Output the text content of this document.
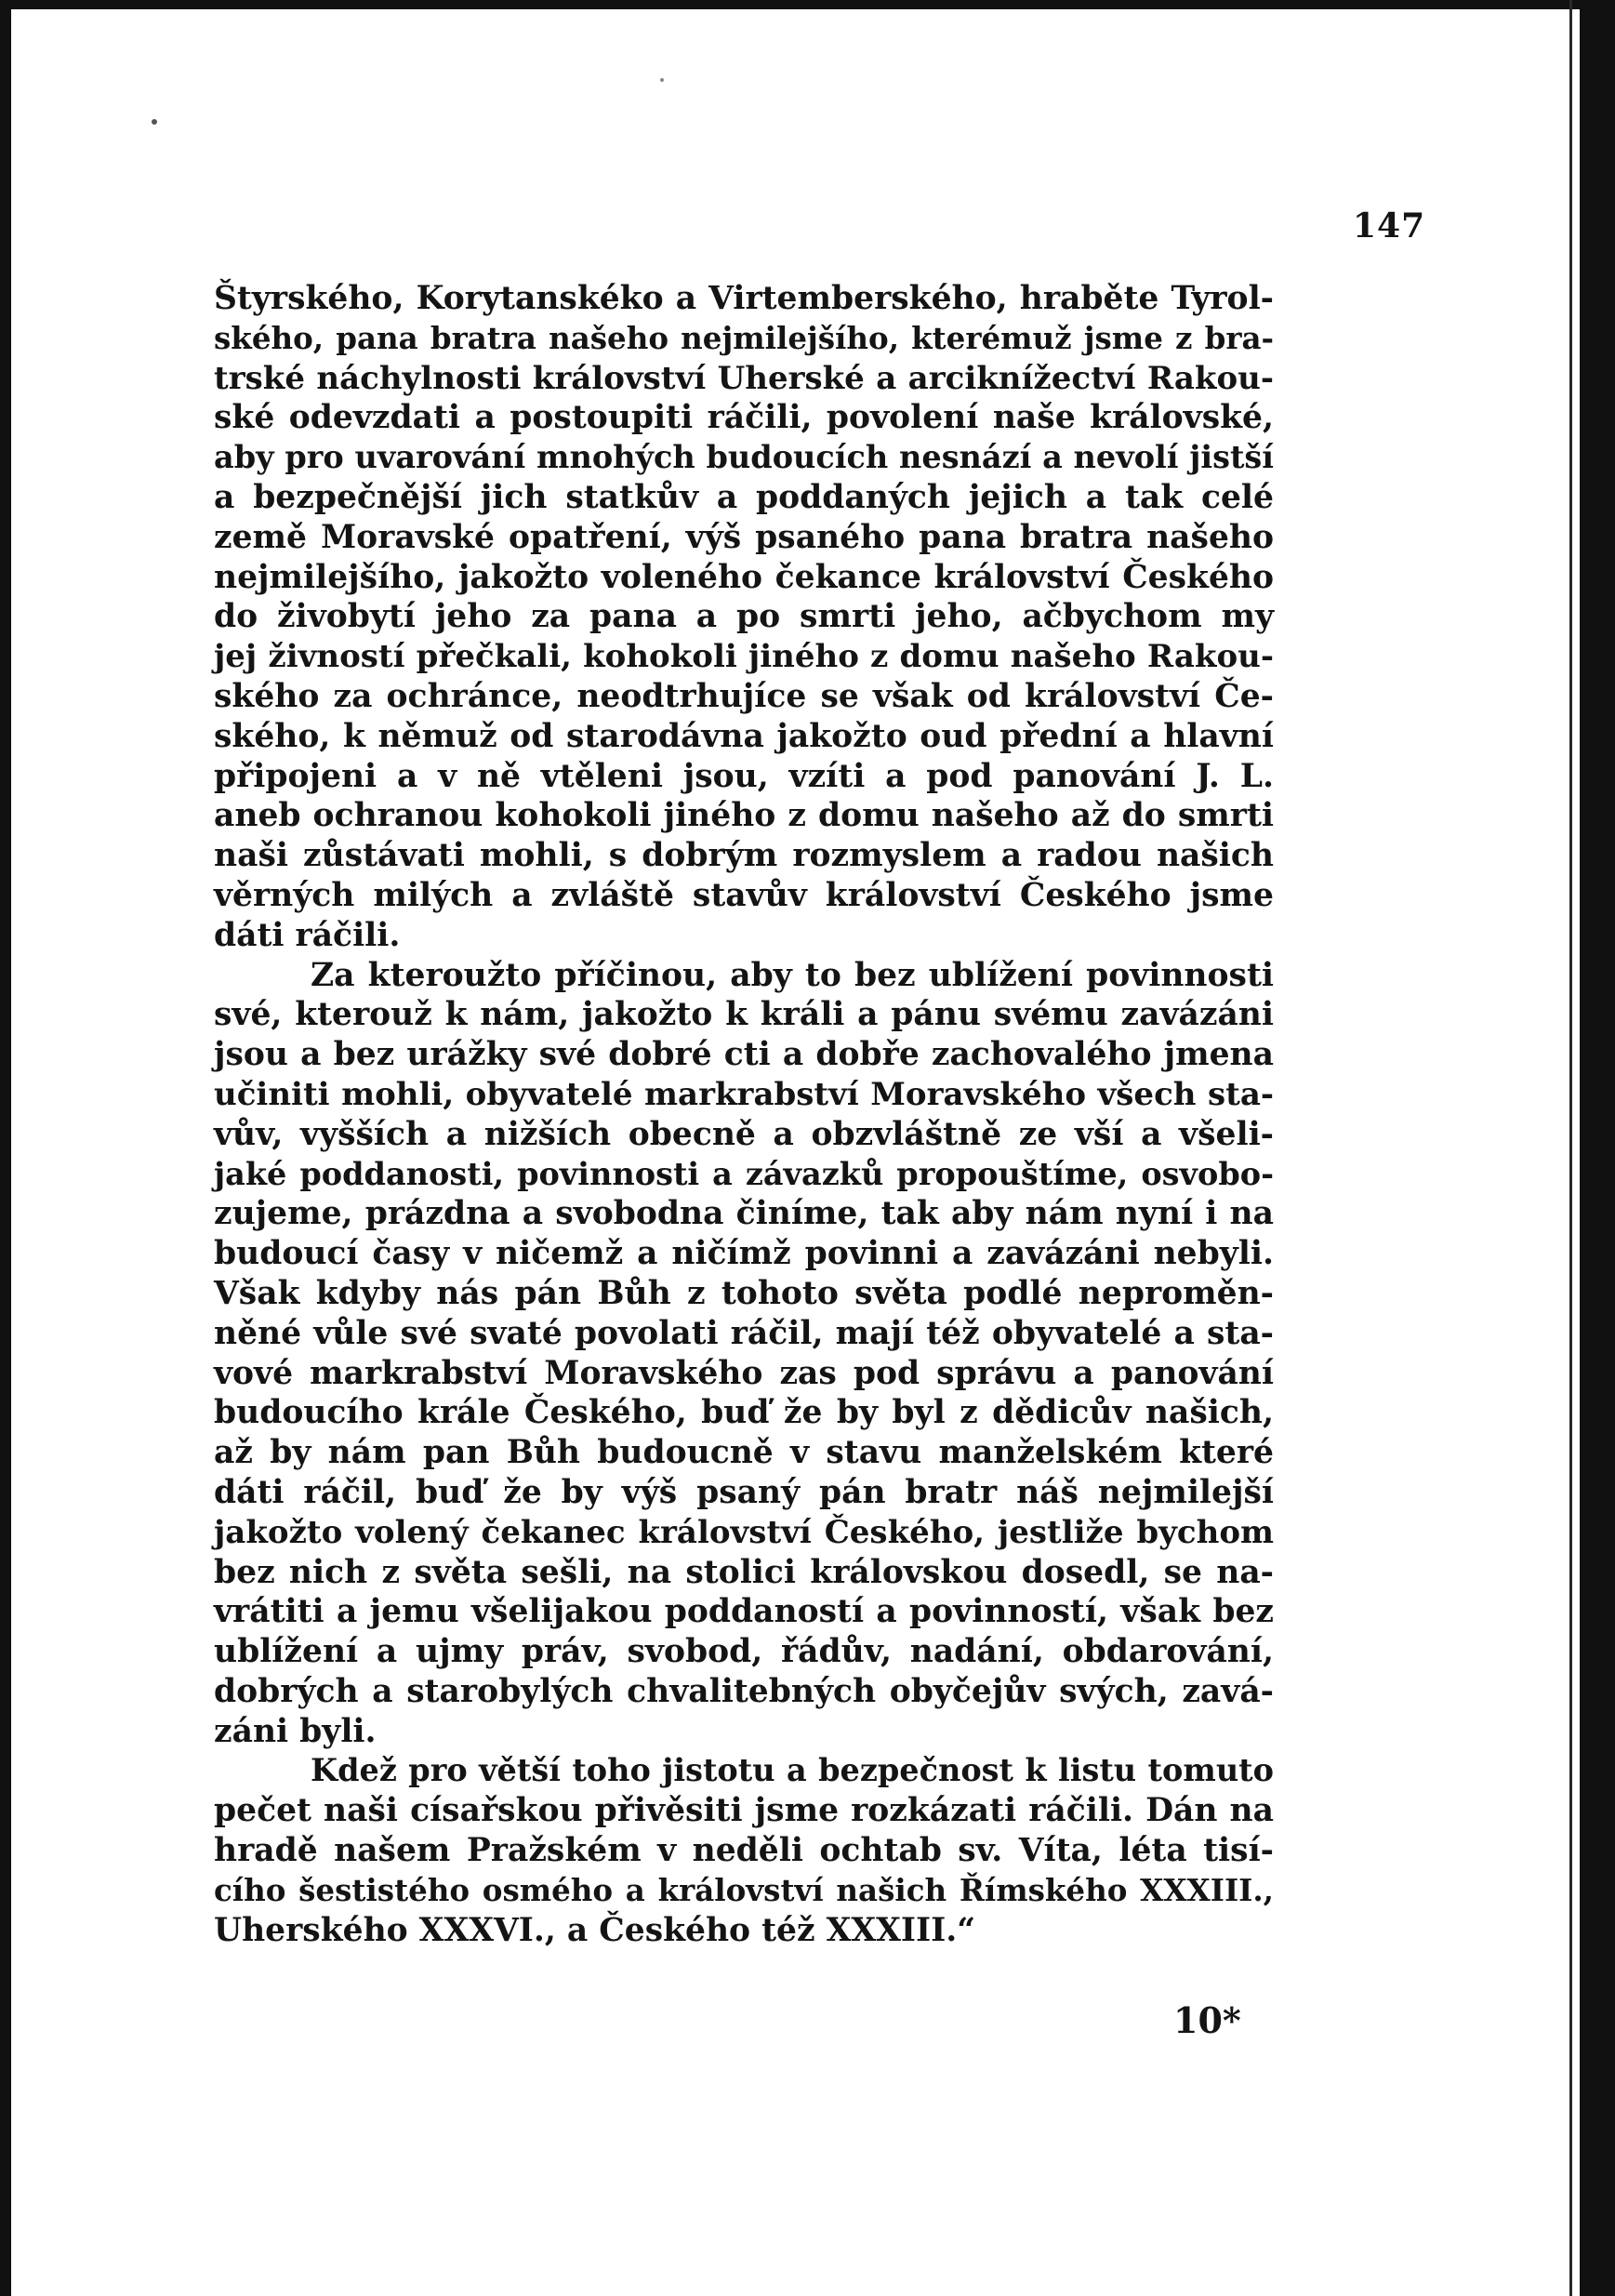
147
Štyrského, Korytanskéko a Virtemberského, hraběte Tyrol-
ského, pana bratra našeho nejmilejšího, kterémuž jsme z bra-
trské náchylnosti království Uherské a arciknížectví Rakou-
ské odevzdati a postoupiti ráčili, povolení naše královské,
aby pro uvarování mnohých budoucích nesnází a nevolí jistší
a bezpečnější jich statkův a poddaných jejich a tak celé
země Moravské opatření, výš psaného pana bratra našeho
nejmilejšího, jakožto voleného čekance království Českého
do živobytí jeho za pana a po smrti jeho, ačbychom my
jej živností přečkali, kohokoli jiného z domu našeho Rakou-
ského za ochránce, neodtrhujíce se však od království Če-
ského, k němuž od starodávna jakožto oud přední a hlavní
připojeni a v ně vtěleni jsou, vzíti a pod panování J. L.
aneb ochranou kohokoli jiného z domu našeho až do smrti
naši zůstávati mohli, s dobrým rozmyslem a radou našich
věrných milých a zvláště stavův království Českého jsme
dáti ráčili.
Za kteroužto příčinou, aby to bez ublížení povinnosti
své, kterouž k nám, jakožto k králi a pánu svému zavázáni
jsou a bez urážky své dobré cti a dobře zachovalého jmena
učiniti mohli, obyvatelé markrabství Moravského všech sta-
vův, vyšších a nižších obecně a obzvláštně ze vší a všeli-
jaké poddanosti, povinnosti a závazků propouštíme, osvobo-
zujeme, prázdna a svobodna činíme, tak aby nám nyní i na
budoucí časy v ničemž a ničímž povinni a zavázáni nebyli.
Však kdyby nás pán Bůh z tohoto světa podlé neproměn-
něné vůle své svaté povolati ráčil, mají též obyvatelé a sta-
vové markrabství Moravského zas pod správu a panování
budoucího krále Českého, buď že by byl z dědicův našich,
až by nám pan Bůh budoucně v stavu manželském které
dáti ráčil, buď že by výš psaný pán bratr náš nejmilejší
jakožto volený čekanec království Českého, jestliže bychom
bez nich z světa sešli, na stolici královskou dosedl, se na-
vrátiti a jemu všelijakou poddaností a povinností, však bez
ublížení a ujmy práv, svobod, řádův, nadání, obdarování,
dobrých a starobylých chvalitebných obyčejův svých, zavá-
záni byli.
Kdež pro větší toho jistotu a bezpečnost k listu tomuto
pečet naši císařskou přivěsiti jsme rozkázati ráčili. Dán na
hradě našem Pražském v neděli ochtab sv. Víta, léta tisí-
cího šestistého osmého a království našich Římského XXXIII.,
Uherského XXXVI., a Českého též XXXIII.“
10*
